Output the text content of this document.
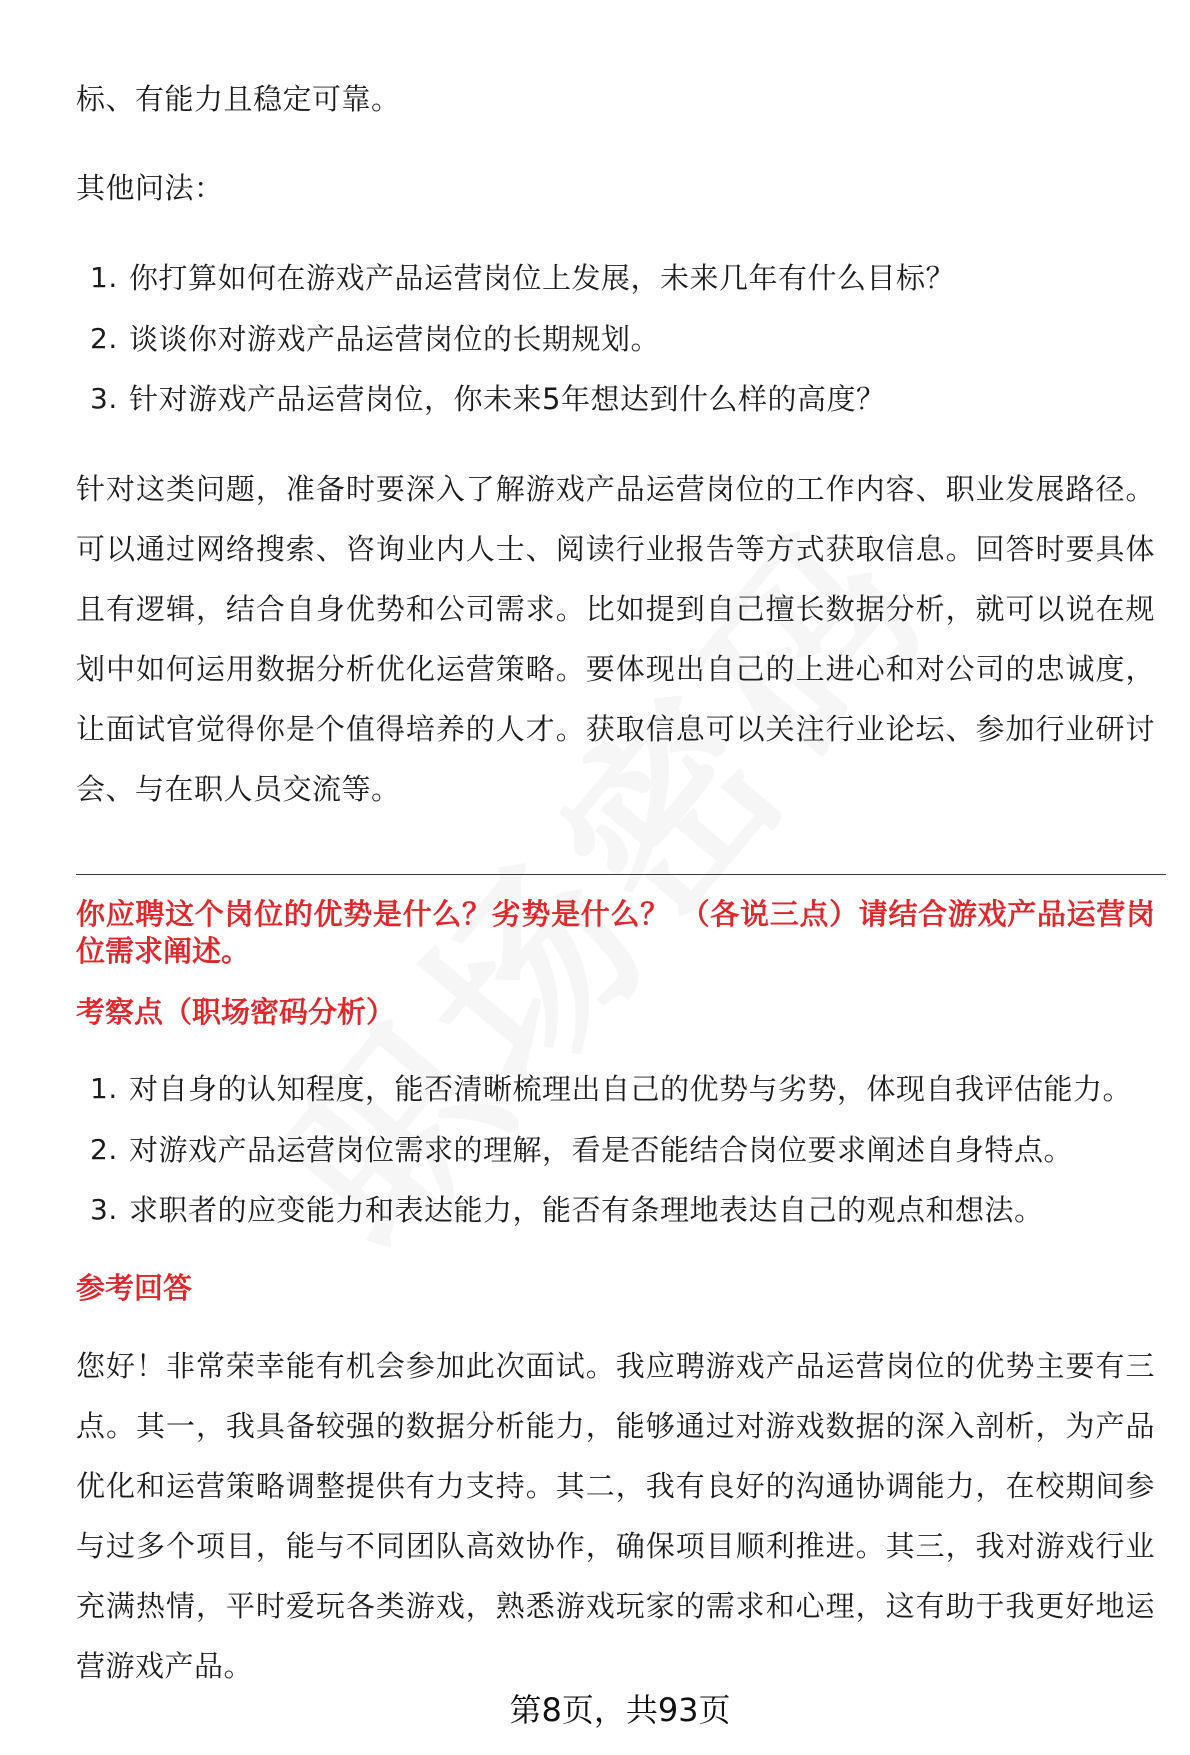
标、有能力且稳定可靠。
其他问法：
1. 你打算如何在游戏产品运营岗位上发展，未来几年有什么目标？
2. 谈谈你对游戏产品运营岗位的长期规划。
3. 针对游戏产品运营岗位，你未来5年想达到什么样的高度？
针对这类问题，准备时要深入了解游戏产品运营岗位的工作内容、职业发展路径。
可以通过网络搜索、咨询业内人士、阅读行业报告等方式获取信息。回答时要具体
且有逻辑，结合自身优势和公司需求。比如提到自己擅长数据分析，就可以说在规
划中如何运用数据分析优化运营策略。要体现出自己的上进心和对公司的忠诚度，
让面试官觉得你是个值得培养的人才。获取信息可以关注行业论坛、参加行业研讨
会、与在职人员交流等。
你应聘这个岗位的优势是什么？劣势是什么？ （各说三点）请结合游戏产品运营岗
位需求阐述。
考察点（职场密码分析）
1. 对自身的认知程度，能否清晰梳理出自己的优势与劣势，体现自我评估能力。
2. 对游戏产品运营岗位需求的理解，看是否能结合岗位要求阐述自身特点。
3. 求职者的应变能力和表达能力，能否有条理地表达自己的观点和想法。
参考回答
您好！非常荣幸能有机会参加此次面试。我应聘游戏产品运营岗位的优势主要有三
点。其一，我具备较强的数据分析能力，能够通过对游戏数据的深入剖析，为产品
优化和运营策略调整提供有力支持。其二，我有良好的沟通协调能力，在校期间参
与过多个项目，能与不同团队高效协作，确保项目顺利推进。其三，我对游戏行业
充满热情，平时爱玩各类游戏，熟悉游戏玩家的需求和心理，这有助于我更好地运
营游戏产品。
第8页，共93页
